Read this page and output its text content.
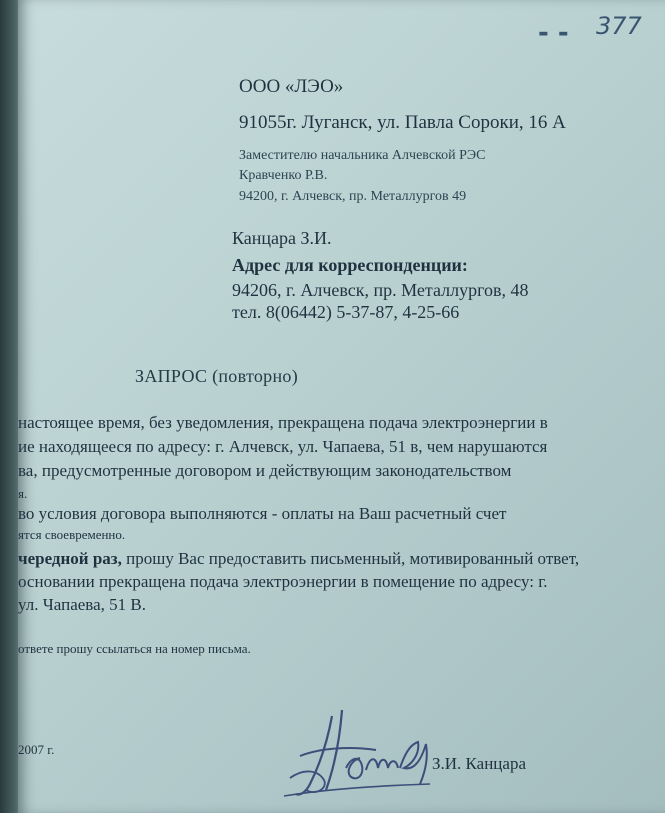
- - 377
ООО «ЛЭО»
91055г. Луганск, ул. Павла Сороки, 16 А
Заместителю начальника Алчевской РЭС
Кравченко Р.В.
94200, г. Алчевск, пр. Металлургов 49
Канцара З.И.
Адрес для корреспонденции:
94206, г. Алчевск, пр. Металлургов, 48
тел. 8(06442) 5-37-87, 4-25-66
ЗАПРОС (повторно)
настоящее время, без уведомления, прекращена подача электроэнергии в
ие находящееся по адресу: г. Алчевск, ул. Чапаева, 51 в, чем нарушаются
ва, предусмотренные договором и действующим законодательством
я.
во условия договора выполняются - оплаты на Ваш расчетный счет
ятся своевременно.
чередной раз, прошу Вас предоставить письменный, мотивированный ответ,
основании прекращена подача электроэнергии в помещение по адресу: г.
ул. Чапаева, 51 В.
ответе прошу ссылаться на номер письма.
2007 г.
З.И. Канцара
